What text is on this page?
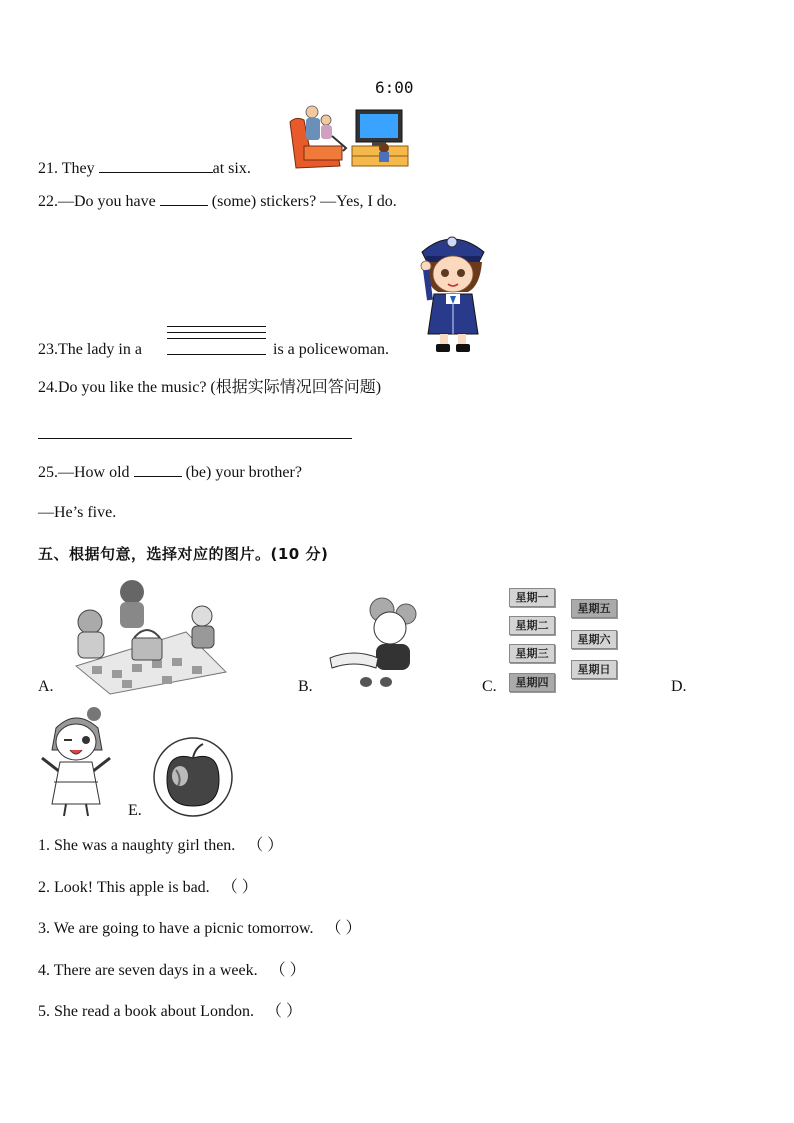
6:00
21. They	at six.
22.—Do you have	(some) stickers? —Yes, I do.
23.The lady in a	is a policewoman.
24.Do you like the music? (根据实际情况回答问题)
25.—How old	(be) your brother?
—He’s five.
五、根据句意，选择对应的图片。(10 分)
A.	B.
星期一
星期二
星期三
星期四
星期五
星期六
星期日
C.	D.
E.
1. She was a naughty girl then. （ ）
2. Look! This apple is bad. （ ）
3. We are going to have a picnic tomorrow. （ ）
4. There are seven days in a week. （ ）
5. She read a book about London. （ ）
